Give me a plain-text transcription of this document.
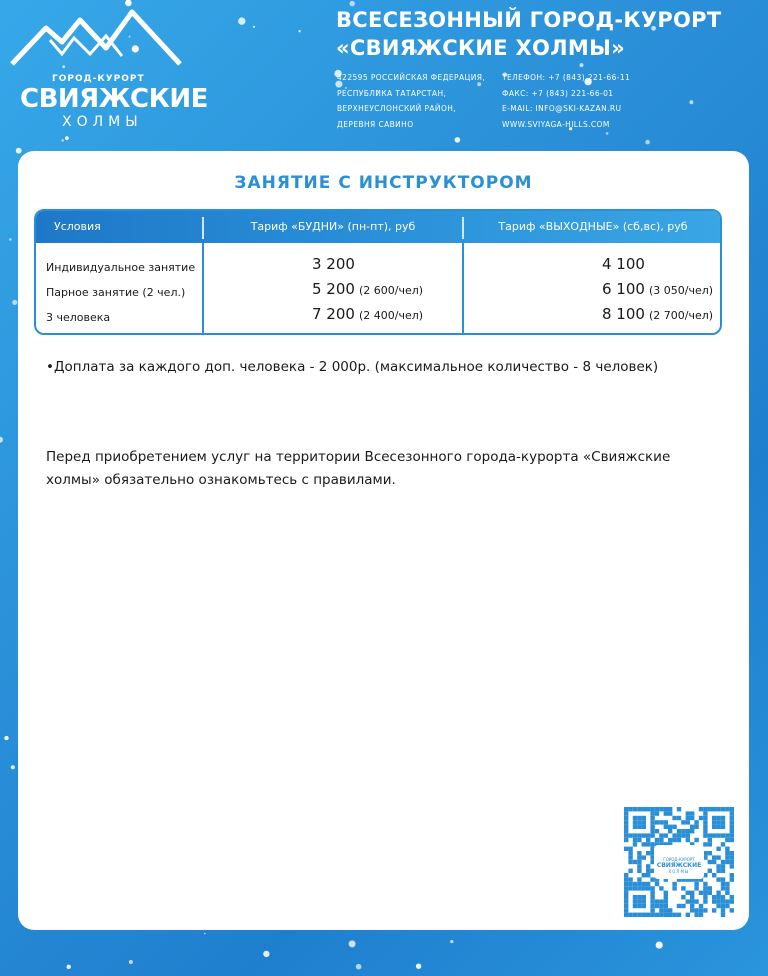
ГОРОД-КУРОРТ
СВИЯЖСКИЕ
ХОЛМЫ
ВСЕСЕЗОННЫЙ ГОРОД-КУРОРТ
«СВИЯЖСКИЕ ХОЛМЫ»
422595 РОССИЙСКАЯ ФЕДЕРАЦИЯ,
РЕСПУБЛИКА ТАТАРСТАН,
ВЕРХНЕУСЛОНСКИЙ РАЙОН,
ДЕРЕВНЯ САВИНО
ТЕЛЕФОН: +7 (843) 221-66-11
ФАКС: +7 (843) 221-66-01
E-MAIL: INFO@SKI-KAZAN.RU
WWW.SVIYAGA-HILLS.COM
ЗАНЯТИЕ С ИНСТРУКТОРОМ
Условия	Тариф «БУДНИ» (пн-пт), руб	Тариф «ВЫХОДНЫЕ» (сб,вс), руб
Индивидуальное занятие	3 200	4 100
Парное занятие (2 чел.)	5 200 (2 600/чел)	6 100 (3 050/чел)
3 человека	7 200 (2 400/чел)	8 100 (2 700/чел)
•Доплата за каждого доп. человека - 2 000р. (максимальное количество - 8 человек)
Перед приобретением услуг на территории Всесезонного города-курорта «Свияжские холмы» обязательно ознакомьтесь с правилами.
ГОРОД-КУРОРТ
СВИЯЖСКИЕ
ХОЛМЫ
